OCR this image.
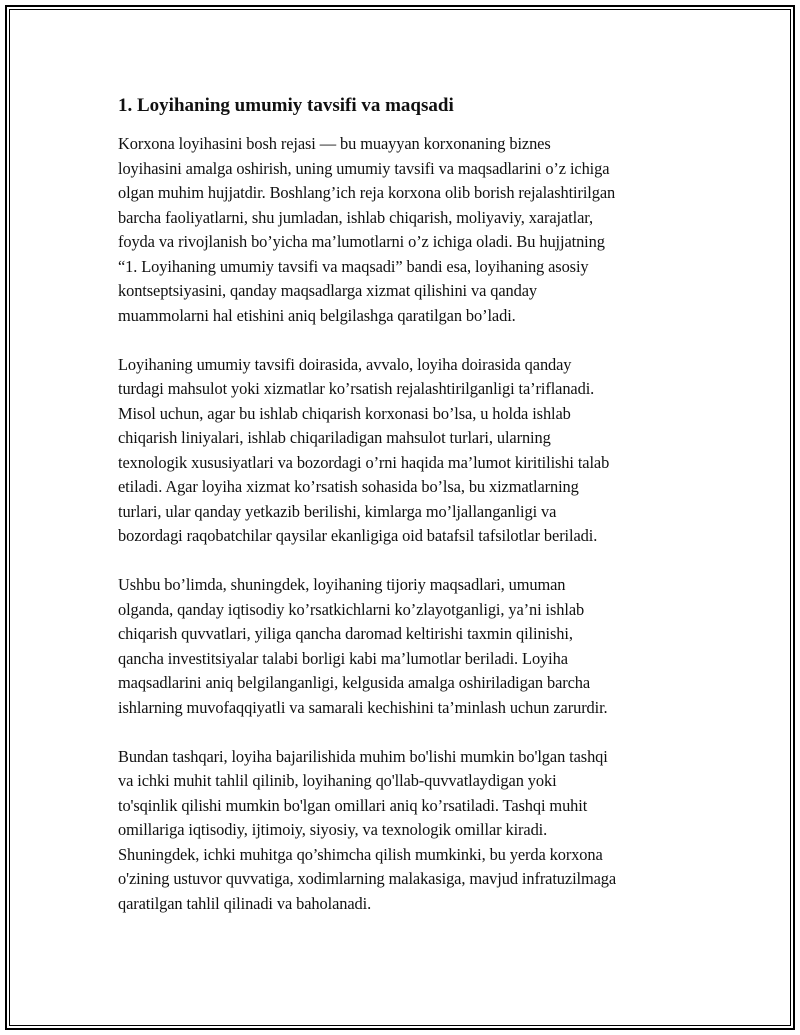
1. Loyihaning umumiy tavsifi va maqsadi

Korxona loyihasini bosh rejasi — bu muayyan korxonaning biznes
loyihasini amalga oshirish, uning umumiy tavsifi va maqsadlarini o’z ichiga
olgan muhim hujjatdir. Boshlang’ich reja korxona olib borish rejalashtirilgan
barcha faoliyatlarni, shu jumladan, ishlab chiqarish, moliyaviy, xarajatlar,
foyda va rivojlanish bo’yicha ma’lumotlarni o’z ichiga oladi. Bu hujjatning
“1. Loyihaning umumiy tavsifi va maqsadi” bandi esa, loyihaning asosiy
kontseptsiyasini, qanday maqsadlarga xizmat qilishini va qanday
muammolarni hal etishini aniq belgilashga qaratilgan bo’ladi.

Loyihaning umumiy tavsifi doirasida, avvalo, loyiha doirasida qanday
turdagi mahsulot yoki xizmatlar ko’rsatish rejalashtirilganligi ta’riflanadi.
Misol uchun, agar bu ishlab chiqarish korxonasi bo’lsa, u holda ishlab
chiqarish liniyalari, ishlab chiqariladigan mahsulot turlari, ularning
texnologik xususiyatlari va bozordagi o’rni haqida ma’lumot kiritilishi talab
etiladi. Agar loyiha xizmat ko’rsatish sohasida bo’lsa, bu xizmatlarning
turlari, ular qanday yetkazib berilishi, kimlarga mo’ljallanganligi va
bozordagi raqobatchilar qaysilar ekanligiga oid batafsil tafsilotlar beriladi.

Ushbu bo’limda, shuningdek, loyihaning tijoriy maqsadlari, umuman
olganda, qanday iqtisodiy ko’rsatkichlarni ko’zlayotganligi, ya’ni ishlab
chiqarish quvvatlari, yiliga qancha daromad keltirishi taxmin qilinishi,
qancha investitsiyalar talabi borligi kabi ma’lumotlar beriladi. Loyiha
maqsadlarini aniq belgilanganligi, kelgusida amalga oshiriladigan barcha
ishlarning muvofaqqiyatli va samarali kechishini ta’minlash uchun zarurdir.

Bundan tashqari, loyiha bajarilishida muhim bo'lishi mumkin bo'lgan tashqi
va ichki muhit tahlil qilinib, loyihaning qo'llab-quvvatlaydigan yoki
to'sqinlik qilishi mumkin bo'lgan omillari aniq ko’rsatiladi. Tashqi muhit
omillariga iqtisodiy, ijtimoiy, siyosiy, va texnologik omillar kiradi.
Shuningdek, ichki muhitga qo’shimcha qilish mumkinki, bu yerda korxona
o'zining ustuvor quvvatiga, xodimlarning malakasiga, mavjud infratuzilmaga
qaratilgan tahlil qilinadi va baholanadi.
